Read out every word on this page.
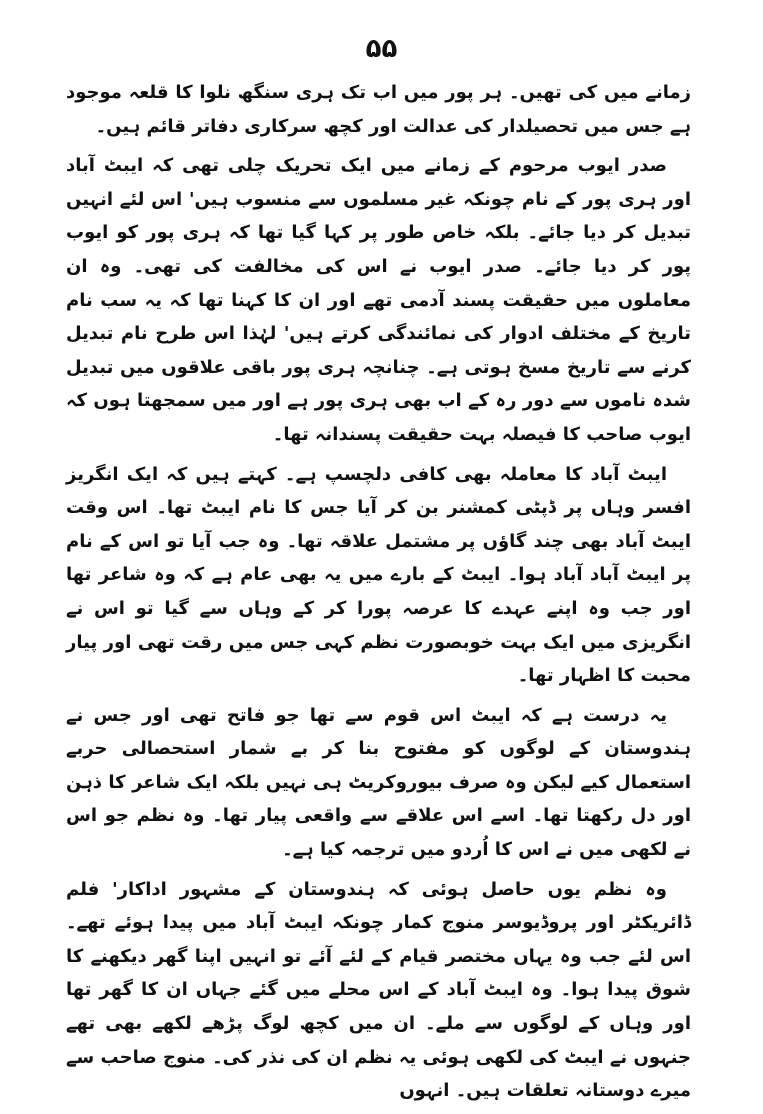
۵۵

زمانے میں کی تھیں۔ ہر پور میں اب تک ہری سنگھ نلوا کا قلعہ موجود ہے جس میں تحصیلدار کی عدالت اور کچھ سرکاری دفاتر قائم ہیں۔

صدر ایوب مرحوم کے زمانے میں ایک تحریک چلی تھی کہ ایبٹ آباد اور ہری پور کے نام چونکہ غیر مسلموں سے منسوب ہیں' اس لئے انہیں تبدیل کر دیا جائے۔ بلکہ خاص طور پر کہا گیا تھا کہ ہری پور کو ایوب پور کر دیا جائے۔ صدر ایوب نے اس کی مخالفت کی تھی۔ وہ ان معاملوں میں حقیقت پسند آدمی تھے اور ان کا کہنا تھا کہ یہ سب نام تاریخ کے مختلف ادوار کی نمائندگی کرتے ہیں' لہٰذا اس طرح نام تبدیل کرنے سے تاریخ مسخ ہوتی ہے۔ چنانچہ ہری پور باقی علاقوں میں تبدیل شدہ ناموں سے دور رہ کے اب بھی ہری پور ہے اور میں سمجھتا ہوں کہ ایوب صاحب کا فیصلہ بہت حقیقت پسندانہ تھا۔

ایبٹ آباد کا معاملہ بھی کافی دلچسپ ہے۔ کہتے ہیں کہ ایک انگریز افسر وہاں پر ڈپٹی کمشنر بن کر آیا جس کا نام ایبٹ تھا۔ اس وقت ایبٹ آباد بھی چند گاؤں پر مشتمل علاقہ تھا۔ وہ جب آیا تو اس کے نام پر ایبٹ آباد آباد ہوا۔ ایبٹ کے بارے میں یہ بھی عام ہے کہ وہ شاعر تھا اور جب وہ اپنے عہدے کا عرصہ پورا کر کے وہاں سے گیا تو اس نے انگریزی میں ایک بہت خوبصورت نظم کہی جس میں رقت تھی اور پیار محبت کا اظہار تھا۔

یہ درست ہے کہ ایبٹ اس قوم سے تھا جو فاتح تھی اور جس نے ہندوستان کے لوگوں کو مفتوح بنا کر بے شمار استحصالی حربے استعمال کیے لیکن وہ صرف بیوروکریٹ ہی نہیں بلکہ ایک شاعر کا ذہن اور دل رکھتا تھا۔ اسے اس علاقے سے واقعی پیار تھا۔ وہ نظم جو اس نے لکھی میں نے اس کا اُردو میں ترجمہ کیا ہے۔

وہ نظم یوں حاصل ہوئی کہ ہندوستان کے مشہور اداکار' فلم ڈائریکٹر اور پروڈیوسر منوج کمار چونکہ ایبٹ آباد میں پیدا ہوئے تھے۔ اس لئے جب وہ یہاں مختصر قیام کے لئے آئے تو انہیں اپنا گھر دیکھنے کا شوق پیدا ہوا۔ وہ ایبٹ آباد کے اس محلے میں گئے جہاں ان کا گھر تھا اور وہاں کے لوگوں سے ملے۔ ان میں کچھ لوگ پڑھے لکھے بھی تھے جنہوں نے ایبٹ کی لکھی ہوئی یہ نظم ان کی نذر کی۔ منوج صاحب سے میرے دوستانہ تعلقات ہیں۔ انہوں
